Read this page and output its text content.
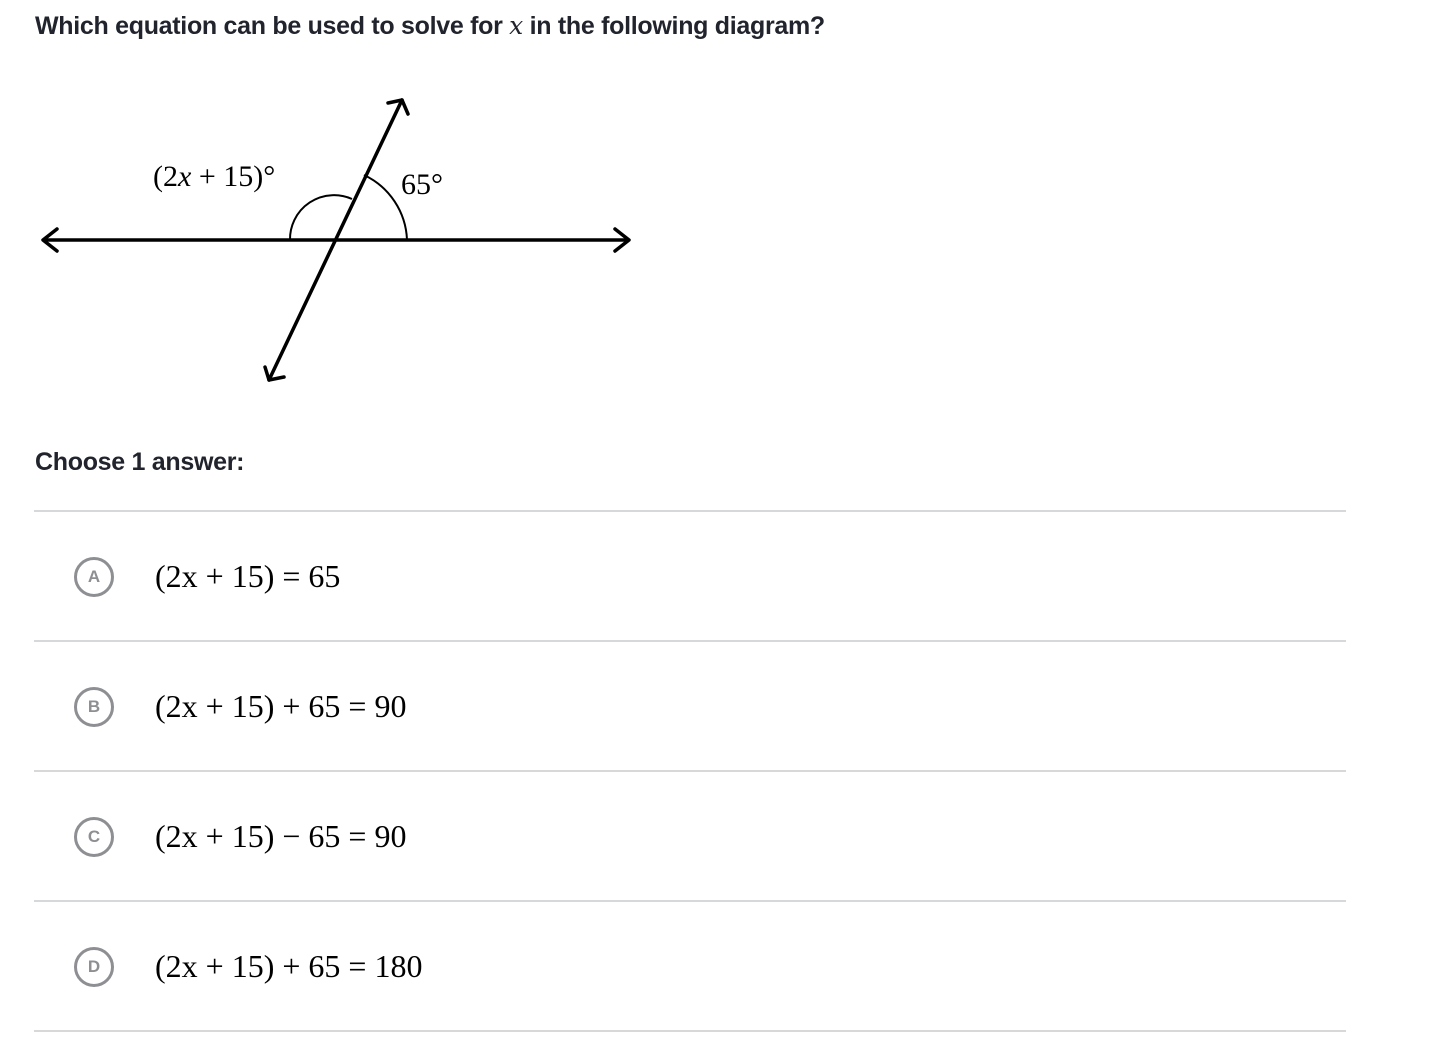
Which equation can be used to solve for x in the following diagram?
(2x + 15)°	65°
Choose 1 answer:
A	(2x + 15) = 65
B	(2x + 15) + 65 = 90
C	(2x + 15) − 65 = 90
D	(2x + 15) + 65 = 180
